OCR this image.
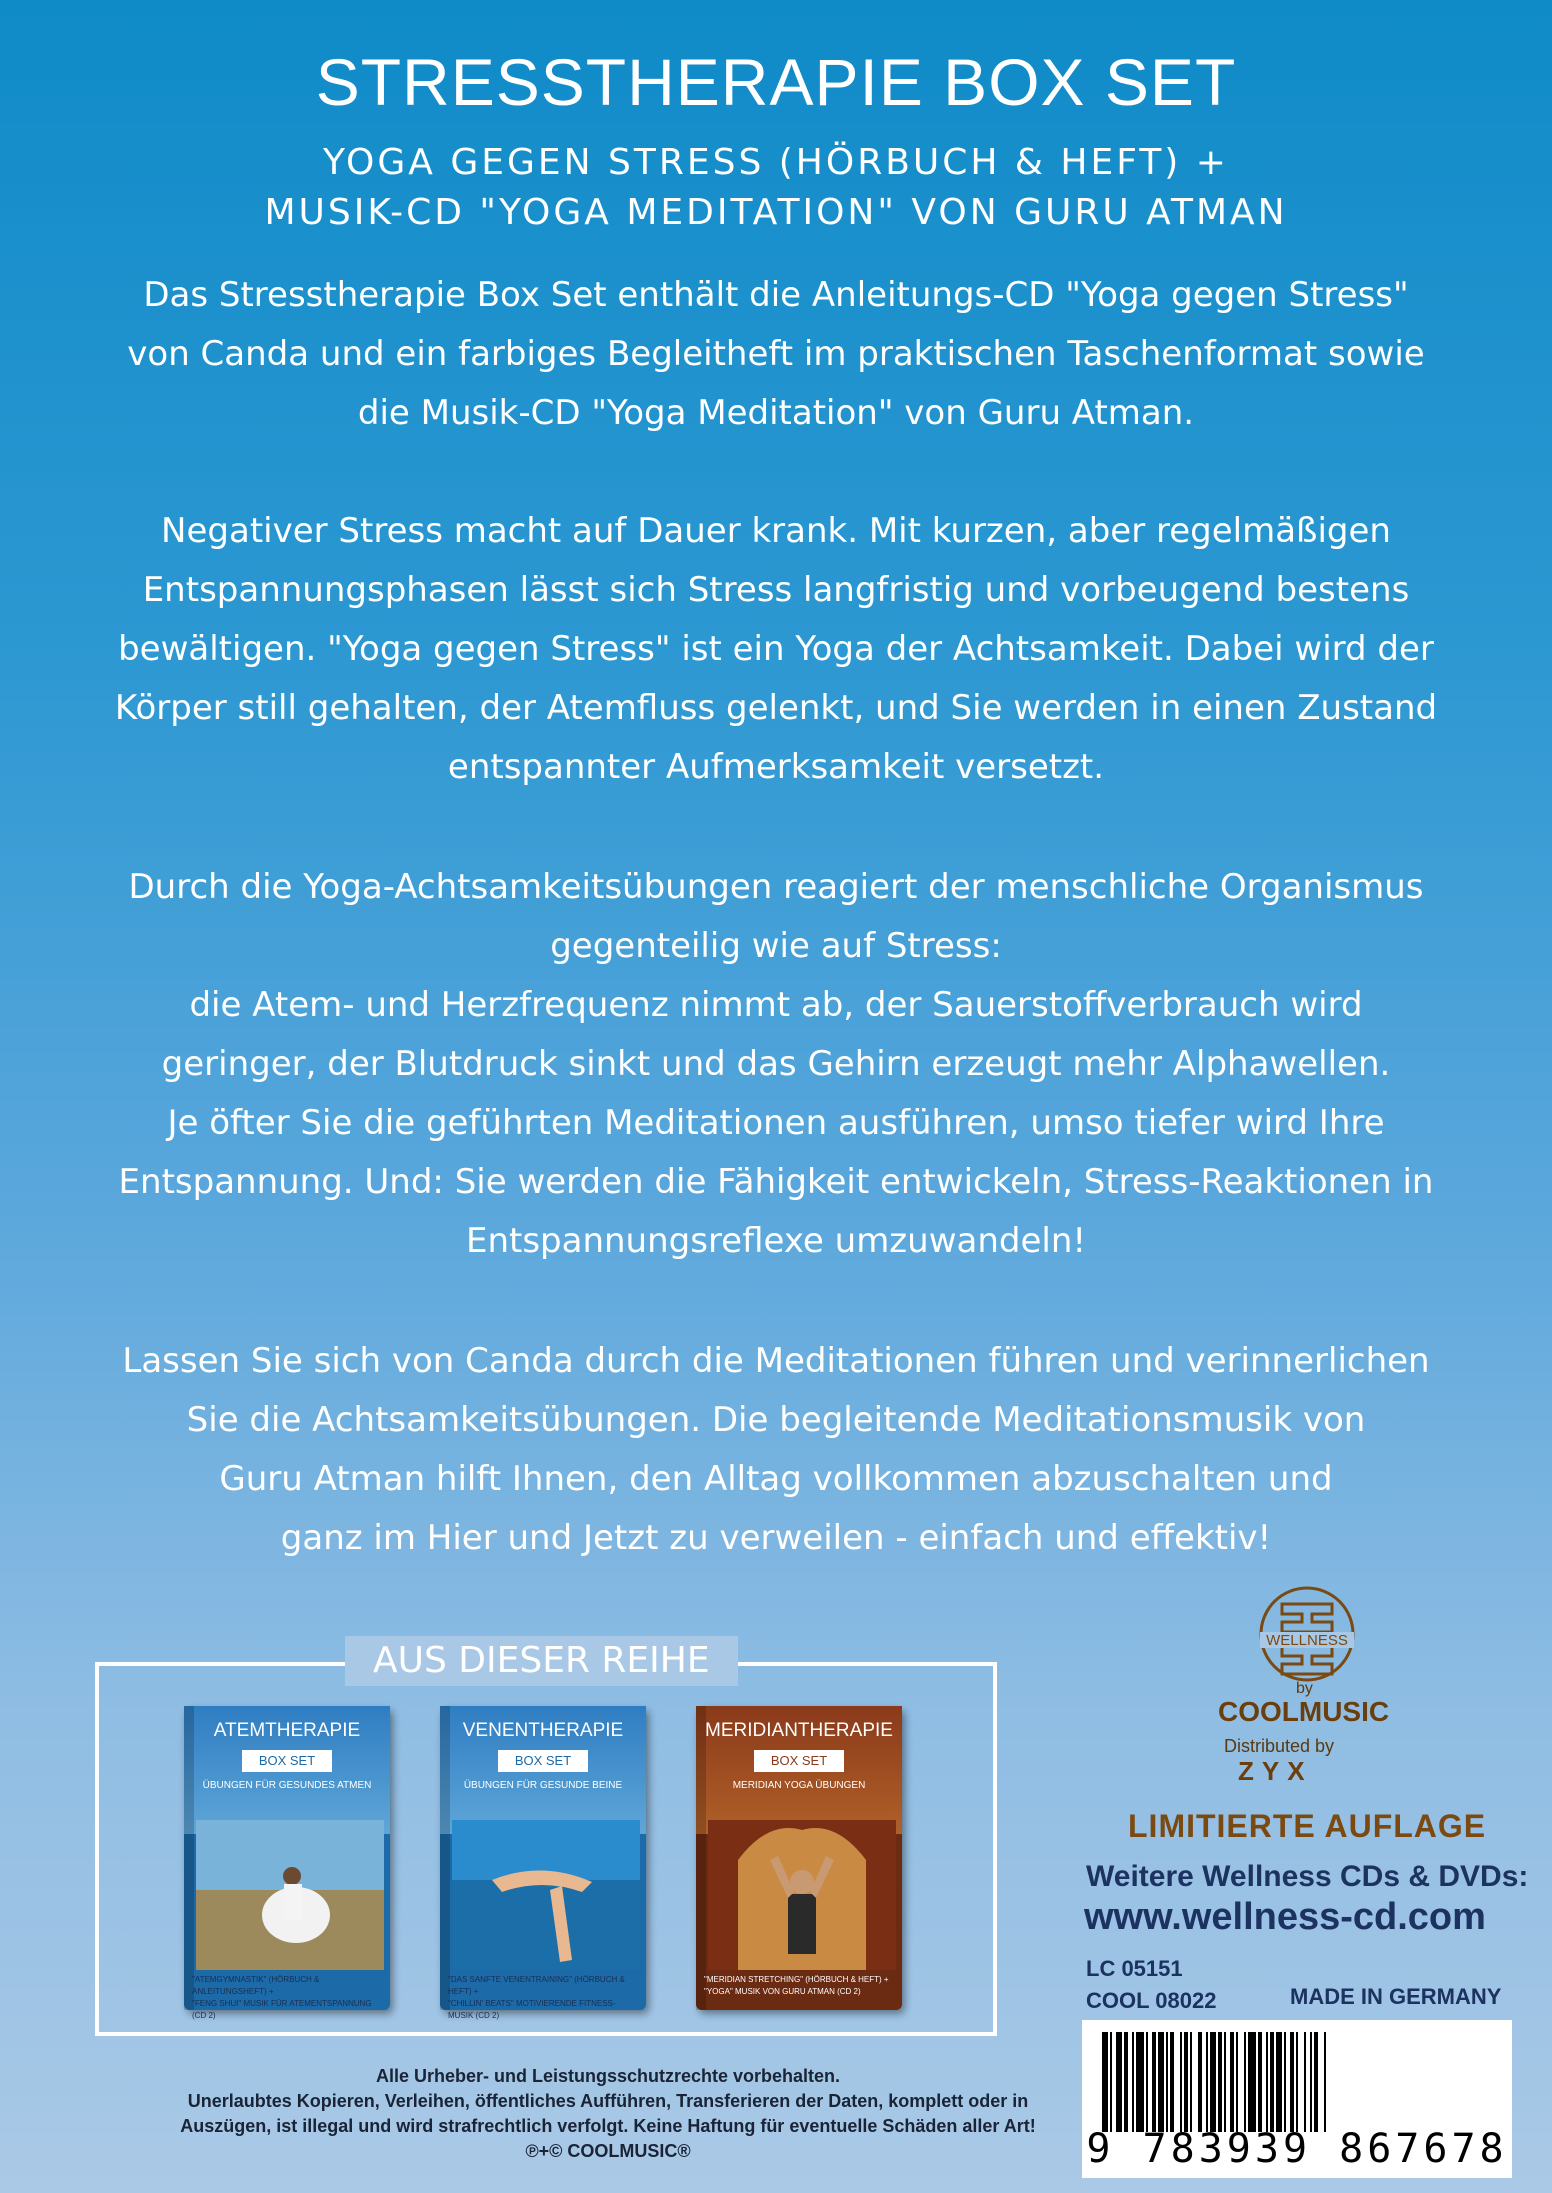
STRESSTHERAPIE BOX SET
YOGA GEGEN STRESS (HÖRBUCH & HEFT) +
MUSIK-CD "YOGA MEDITATION" VON GURU ATMAN
Das Stresstherapie Box Set enthält die Anleitungs-CD "Yoga gegen Stress"
von Canda und ein farbiges Begleitheft im praktischen Taschenformat sowie
die Musik-CD "Yoga Meditation" von Guru Atman.
Negativer Stress macht auf Dauer krank. Mit kurzen, aber regelmäßigen
Entspannungsphasen lässt sich Stress langfristig und vorbeugend bestens
bewältigen. "Yoga gegen Stress" ist ein Yoga der Achtsamkeit. Dabei wird der
Körper still gehalten, der Atemfluss gelenkt, und Sie werden in einen Zustand
entspannter Aufmerksamkeit versetzt.
Durch die Yoga-Achtsamkeitsübungen reagiert der menschliche Organismus
gegenteilig wie auf Stress:
die Atem- und Herzfrequenz nimmt ab, der Sauerstoffverbrauch wird
geringer, der Blutdruck sinkt und das Gehirn erzeugt mehr Alphawellen.
Je öfter Sie die geführten Meditationen ausführen, umso tiefer wird Ihre
Entspannung. Und: Sie werden die Fähigkeit entwickeln, Stress-Reaktionen in
Entspannungsreflexe umzuwandeln!
Lassen Sie sich von Canda durch die Meditationen führen und verinnerlichen
Sie die Achtsamkeitsübungen. Die begleitende Meditationsmusik von
Guru Atman hilft Ihnen, den Alltag vollkommen abzuschalten und
ganz im Hier und Jetzt zu verweilen - einfach und effektiv!
AUS DIESER REIHE
ATEMTHERAPIE
BOX SET
ÜBUNGEN FÜR GESUNDES ATMEN
"ATEMGYMNASTIK" (HÖRBUCH & ANLEITUNGSHEFT) +
"FENG SHUI" MUSIK FÜR ATEMENTSPANNUNG (CD 2)
VENENTHERAPIE
BOX SET
ÜBUNGEN FÜR GESUNDE BEINE
"DAS SANFTE VENENTRAINING" (HÖRBUCH & HEFT) +
"CHILLIN' BEATS" MOTIVIERENDE FITNESS-MUSIK (CD 2)
MERIDIANTHERAPIE
BOX SET
MERIDIAN YOGA ÜBUNGEN
"MERIDIAN STRETCHING" (HÖRBUCH & HEFT) +
"YOGA" MUSIK VON GURU ATMAN (CD 2)
WELLNESS
by
COOLMUSIC
Distributed by
ZYX
LIMITIERTE AUFLAGE
Weitere Wellness CDs & DVDs:
www.wellness-cd.com
LC 05151
COOL 08022	MADE IN GERMANY
9 783939 867678
Alle Urheber- und Leistungsschutzrechte vorbehalten.
Unerlaubtes Kopieren, Verleihen, öffentliches Aufführen, Transferieren der Daten, komplett oder in
Auszügen, ist illegal und wird strafrechtlich verfolgt. Keine Haftung für eventuelle Schäden aller Art!
℗+© COOLMUSIC®
